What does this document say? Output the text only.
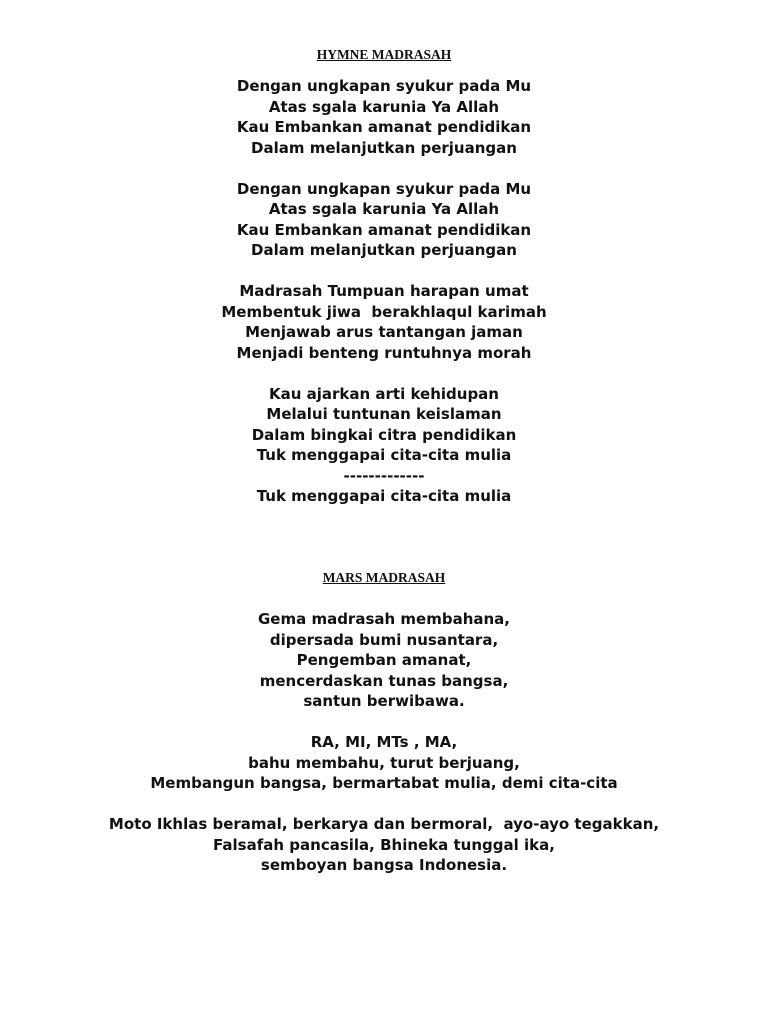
HYMNE MADRASAH
Dengan ungkapan syukur pada Mu
Atas sgala karunia Ya Allah
Kau Embankan amanat pendidikan
Dalam melanjutkan perjuangan
Dengan ungkapan syukur pada Mu
Atas sgala karunia Ya Allah
Kau Embankan amanat pendidikan
Dalam melanjutkan perjuangan
Madrasah Tumpuan harapan umat
Membentuk jiwa  berakhlaqul karimah
Menjawab arus tantangan jaman
Menjadi benteng runtuhnya morah
Kau ajarkan arti kehidupan
Melalui tuntunan keislaman
Dalam bingkai citra pendidikan
Tuk menggapai cita-cita mulia
-------------
Tuk menggapai cita-cita mulia
MARS MADRASAH
Gema madrasah membahana,
dipersada bumi nusantara,
Pengemban amanat,
mencerdaskan tunas bangsa,
santun berwibawa.
RA, MI, MTs , MA,
bahu membahu, turut berjuang,
Membangun bangsa, bermartabat mulia, demi cita-cita
Moto Ikhlas beramal, berkarya dan bermoral,  ayo-ayo tegakkan,
Falsafah pancasila, Bhineka tunggal ika,
semboyan bangsa Indonesia.
